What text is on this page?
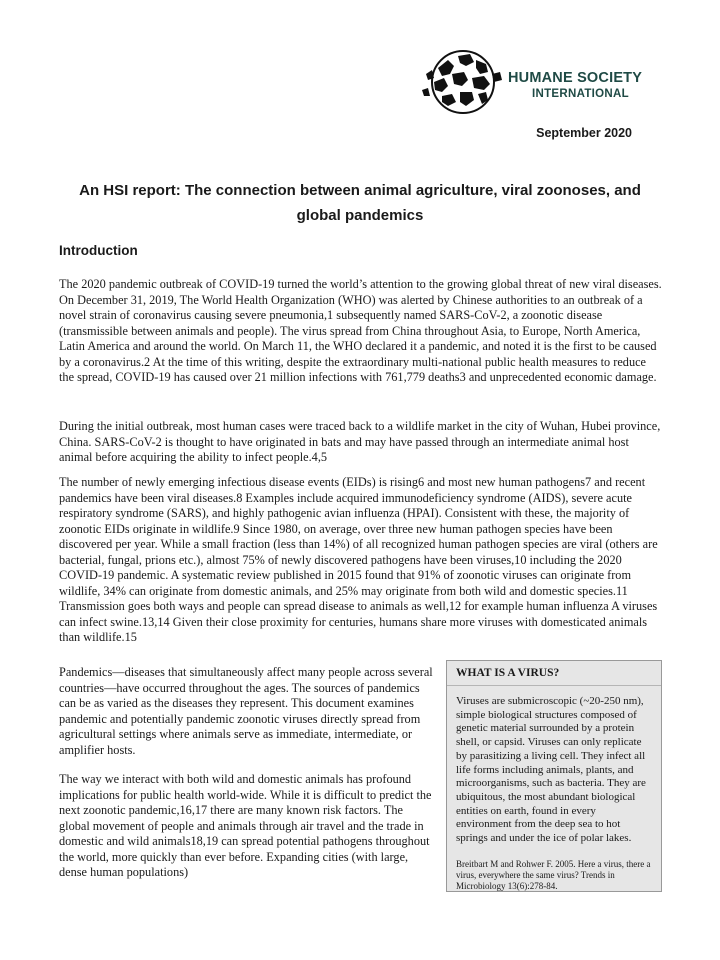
HUMANE SOCIETY
INTERNATIONAL
September 2020
An HSI report: The connection between animal agriculture, viral zoonoses, and global pandemics
Introduction

The 2020 pandemic outbreak of COVID-19 turned the world’s attention to the growing global threat of new viral diseases. On December 31, 2019, The World Health Organization (WHO) was alerted by Chinese authorities to an outbreak of a novel strain of coronavirus causing severe pneumonia,1 subsequently named SARS-CoV-2, a zoonotic disease (transmissible between animals and people). The virus spread from China throughout Asia, to Europe, North America, Latin America and around the world. On March 11, the WHO declared it a pandemic, and noted it is the first to be caused by a coronavirus.2 At the time of this writing, despite the extraordinary multi-national public health measures to reduce the spread, COVID-19 has caused over 21 million infections with 761,779 deaths3 and unprecedented economic damage.

During the initial outbreak, most human cases were traced back to a wildlife market in the city of Wuhan, Hubei province, China. SARS-CoV-2 is thought to have originated in bats and may have passed through an intermediate animal host animal before acquiring the ability to infect people.4,5

The number of newly emerging infectious disease events (EIDs) is rising6 and most new human pathogens7 and recent pandemics have been viral diseases.8 Examples include acquired immunodeficiency syndrome (AIDS), severe acute respiratory syndrome (SARS), and highly pathogenic avian influenza (HPAI). Consistent with these, the majority of zoonotic EIDs originate in wildlife.9 Since 1980, on average, over three new human pathogen species have been discovered per year. While a small fraction (less than 14%) of all recognized human pathogen species are viral (others are bacterial, fungal, prions etc.), almost 75% of newly discovered pathogens have been viruses,10 including the 2020 COVID-19 pandemic. A systematic review published in 2015 found that 91% of zoonotic viruses can originate from wildlife, 34% can originate from domestic animals, and 25% may originate from both wild and domestic species.11 Transmission goes both ways and people can spread disease to animals as well,12 for example human influenza A viruses can infect swine.13,14 Given their close proximity for centuries, humans share more viruses with domesticated animals than wildlife.15

Pandemics—diseases that simultaneously affect many people across several countries—have occurred throughout the ages. The sources of pandemics can be as varied as the diseases they represent. This document examines pandemic and potentially pandemic zoonotic viruses directly spread from agricultural settings where animals serve as immediate, intermediate, or amplifier hosts.

The way we interact with both wild and domestic animals has profound implications for public health world-wide. While it is difficult to predict the next zoonotic pandemic,16,17 there are many known risk factors. The global movement of people and animals through air travel and the trade in domestic and wild animals18,19 can spread potential pathogens throughout the world, more quickly than ever before. Expanding cities (with large, dense human populations)

WHAT IS A VIRUS?

Viruses are submicroscopic (~20-250 nm), simple biological structures composed of genetic material surrounded by a protein shell, or capsid. Viruses can only replicate by parasitizing a living cell. They infect all life forms including animals, plants, and microorganisms, such as bacteria. They are ubiquitous, the most abundant biological entities on earth, found in every environment from the deep sea to hot springs and under the ice of polar lakes.

Breitbart M and Rohwer F. 2005. Here a virus, there a virus, everywhere the same virus? Trends in Microbiology 13(6):278-84.
